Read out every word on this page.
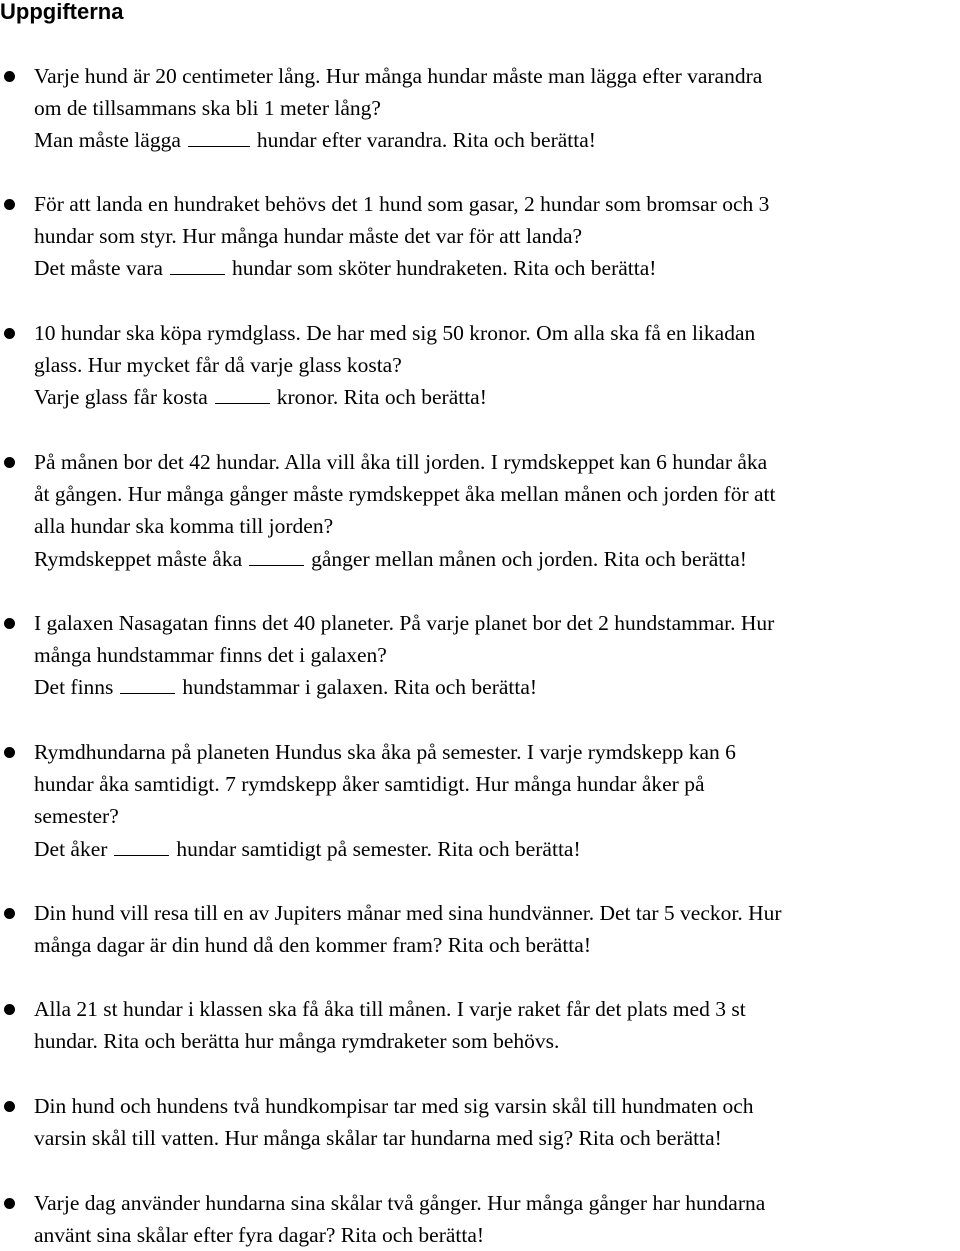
Uppgifterna
Varje hund är 20 centimeter lång. Hur många hundar måste man lägga efter varandra
om de tillsammans ska bli 1 meter lång?
Man måste lägga	hundar efter varandra. Rita och berätta!
För att landa en hundraket behövs det 1 hund som gasar, 2 hundar som bromsar och 3
hundar som styr. Hur många hundar måste det var för att landa?
Det måste vara	hundar som sköter hundraketen. Rita och berätta!
10 hundar ska köpa rymdglass. De har med sig 50 kronor. Om alla ska få en likadan
glass. Hur mycket får då varje glass kosta?
Varje glass får kosta	kronor. Rita och berätta!
På månen bor det 42 hundar. Alla vill åka till jorden. I rymdskeppet kan 6 hundar åka
åt gången. Hur många gånger måste rymdskeppet åka mellan månen och jorden för att
alla hundar ska komma till jorden?
Rymdskeppet måste åka	gånger mellan månen och jorden. Rita och berätta!
I galaxen Nasagatan finns det 40 planeter. På varje planet bor det 2 hundstammar. Hur
många hundstammar finns det i galaxen?
Det finns	hundstammar i galaxen. Rita och berätta!
Rymdhundarna på planeten Hundus ska åka på semester. I varje rymdskepp kan 6
hundar åka samtidigt. 7 rymdskepp åker samtidigt. Hur många hundar åker på
semester?
Det åker	hundar samtidigt på semester. Rita och berätta!
Din hund vill resa till en av Jupiters månar med sina hundvänner. Det tar 5 veckor. Hur
många dagar är din hund då den kommer fram? Rita och berätta!
Alla 21 st hundar i klassen ska få åka till månen. I varje raket får det plats med 3 st
hundar. Rita och berätta hur många rymdraketer som behövs.
Din hund och hundens två hundkompisar tar med sig varsin skål till hundmaten och
varsin skål till vatten. Hur många skålar tar hundarna med sig? Rita och berätta!
Varje dag använder hundarna sina skålar två gånger. Hur många gånger har hundarna
använt sina skålar efter fyra dagar? Rita och berätta!
